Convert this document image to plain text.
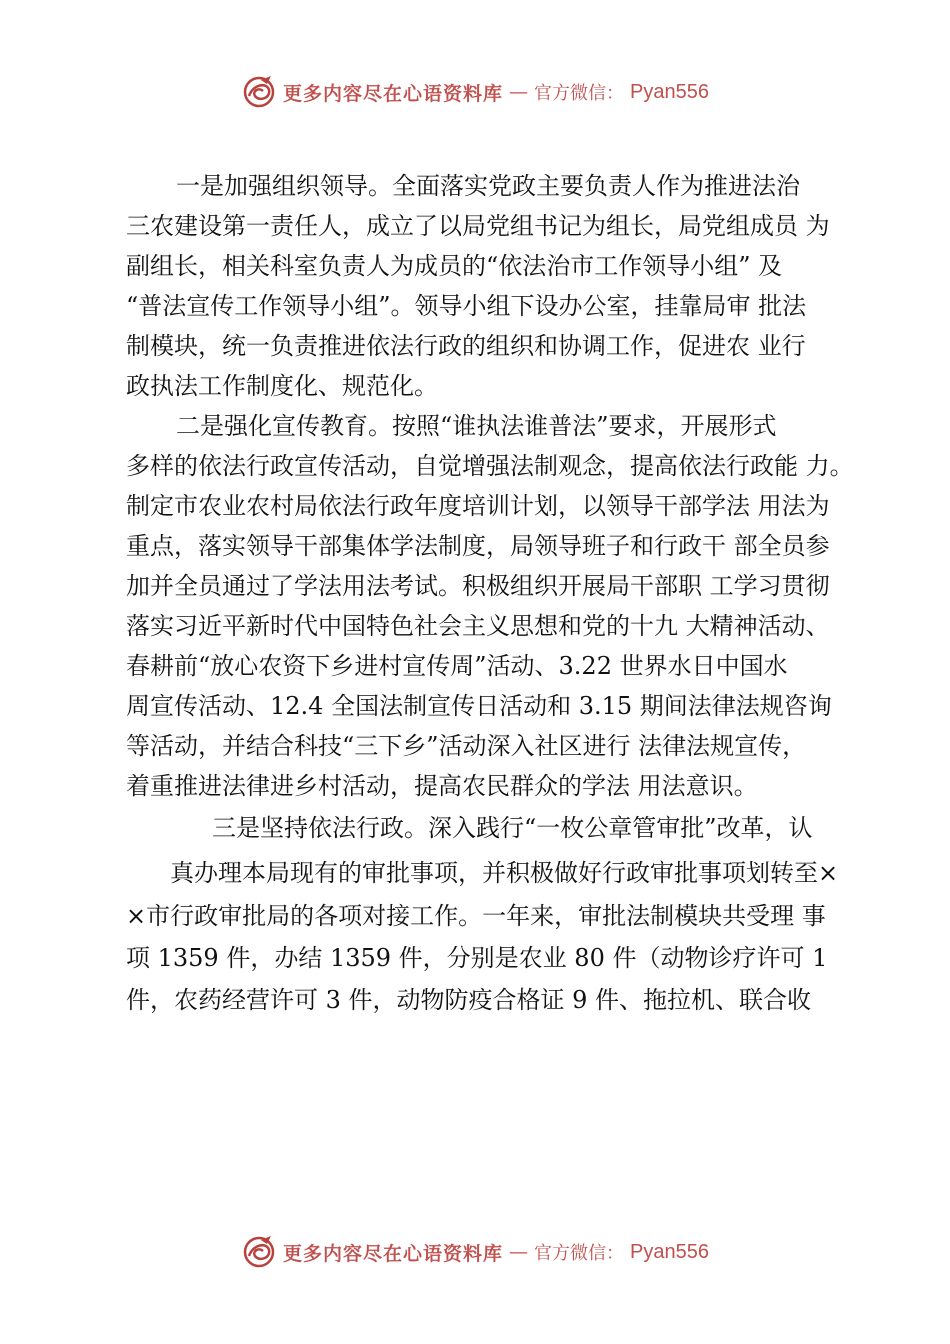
更多内容尽在心语资料库 — 官方微信： Pyan556
一是加强组织领导。全面落实党政主要负责人作为推进法治
三农建设第一责任人，成立了以局党组书记为组长，局党组成员 为
副组长，相关科室负责人为成员的“依法治市工作领导小组” 及
“普法宣传工作领导小组”。领导小组下设办公室，挂靠局审 批法
制模块，统一负责推进依法行政的组织和协调工作，促进农 业行
政执法工作制度化、规范化。
二是强化宣传教育。按照“谁执法谁普法”要求，开展形式
多样的依法行政宣传活动，自觉增强法制观念，提高依法行政能 力。
制定市农业农村局依法行政年度培训计划，以领导干部学法 用法为
重点，落实领导干部集体学法制度，局领导班子和行政干 部全员参
加并全员通过了学法用法考试。积极组织开展局干部职 工学习贯彻
落实习近平新时代中国特色社会主义思想和党的十九 大精神活动、
春耕前“放心农资下乡进村宣传周”活动、3.22 世界水日中国水
周宣传活动、12.4 全国法制宣传日活动和 3.15 期间法律法规咨询
等活动，并结合科技“三下乡”活动深入社区进行 法律法规宣传，
着重推进法律进乡村活动，提高农民群众的学法 用法意识。
三是坚持依法行政。深入践行“一枚公章管审批”改革，认
真办理本局现有的审批事项，并积极做好行政审批事项划转至×
×市行政审批局的各项对接工作。一年来，审批法制模块共受理 事
项 1359 件，办结 1359 件，分别是农业 80 件（动物诊疗许可 1
件，农药经营许可 3 件，动物防疫合格证 9 件、拖拉机、联合收
更多内容尽在心语资料库 — 官方微信： Pyan556
